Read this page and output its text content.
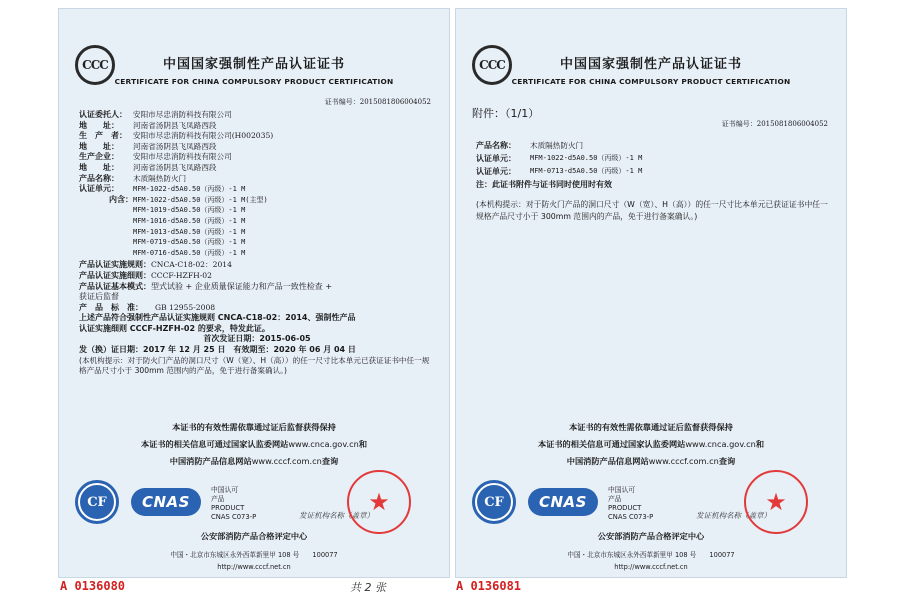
CCC	中国国家强制性产品认证证书
CERTIFICATE FOR CHINA COMPULSORY PRODUCT CERTIFICATION
证书编号：2015081806004052
认证委托人： 安阳市尽忠消防科技有限公司
地　　址：	河南省汤阴县飞凤路西段
生　产　者： 安阳市尽忠消防科技有限公司(H002035)
地　　址：	河南省汤阴县飞凤路西段
生产企业：	安阳市尽忠消防科技有限公司
地　　址：	河南省汤阴县飞凤路西段
产品名称：	木质隔热防火门
认证单元：	MFM-1022-d5A0.50（丙级）-1 M
内含： MFM-1022-d5A0.50（丙级）-1 M(主型)
MFM-1019-d5A0.50（丙级）-1 M
MFM-1016-d5A0.50（丙级）-1 M
MFM-1013-d5A0.50（丙级）-1 M
MFM-0719-d5A0.50（丙级）-1 M
MFM-0716-d5A0.50（丙级）-1 M
产品认证实施规则： CNCA-C18-02：2014
产品认证实施细则： CCCF-HZFH-02
产品认证基本模式： 型式试验 + 企业质量保证能力和产品一致性检查 +
获证后监督
产　品　标　准：	GB 12955-2008
上述产品符合强制性产品认证实施规则 CNCA-C18-02：2014、强制性产品
认证实施细则 CCCF-HZFH-02 的要求，特发此证。
首次发证日期：2015-06-05
发（换）证日期：2017 年 12 月 25 日　有效期至：2020 年 06 月 04 日
(本机构提示：对于防火门产品的洞口尺寸（W（宽）、H（高））的任一尺寸比本单元已获证证书中任一规格产品尺寸小于 300mm 范围内的产品，免于进行备案确认。)
本证书的有效性需依靠通过证后监督获得保持
本证书的相关信息可通过国家认监委网站www.cnca.gov.cn和
中国消防产品信息网站www.cccf.com.cn查询
CF	CNAS
中国认可
产品
PRODUCT
CNAS C073-P	发证机构名称（盖章）
★
公安部消防产品合格评定中心
中国・北京市东城区永外西革新里甲 108 号　　100077
http://www.cccf.net.cn
A 0136080	共 2 张
CCC	中国国家强制性产品认证证书
CERTIFICATE FOR CHINA COMPULSORY PRODUCT CERTIFICATION
附件：（1/1）
证书编号：2015081806004052
产品名称：	木质隔热防火门
认证单元：	MFM-1022-d5A0.50（丙级）-1 M
认证单元：	MFM-0713-d5A0.50（丙级）-1 M
注：此证书附件与证书同时使用时有效
(本机构提示：对于防火门产品的洞口尺寸（W（宽）、H（高））的任一尺寸比本单元已获证证书中任一规格产品尺寸小于 300mm 范围内的产品，免于进行备案确认。)
本证书的有效性需依靠通过证后监督获得保持
本证书的相关信息可通过国家认监委网站www.cnca.gov.cn和
中国消防产品信息网站www.cccf.com.cn查询
CF	CNAS
中国认可
产品
PRODUCT
CNAS C073-P	发证机构名称（盖章）
★
公安部消防产品合格评定中心
中国・北京市东城区永外西革新里甲 108 号　　100077
http://www.cccf.net.cn
A 0136081
